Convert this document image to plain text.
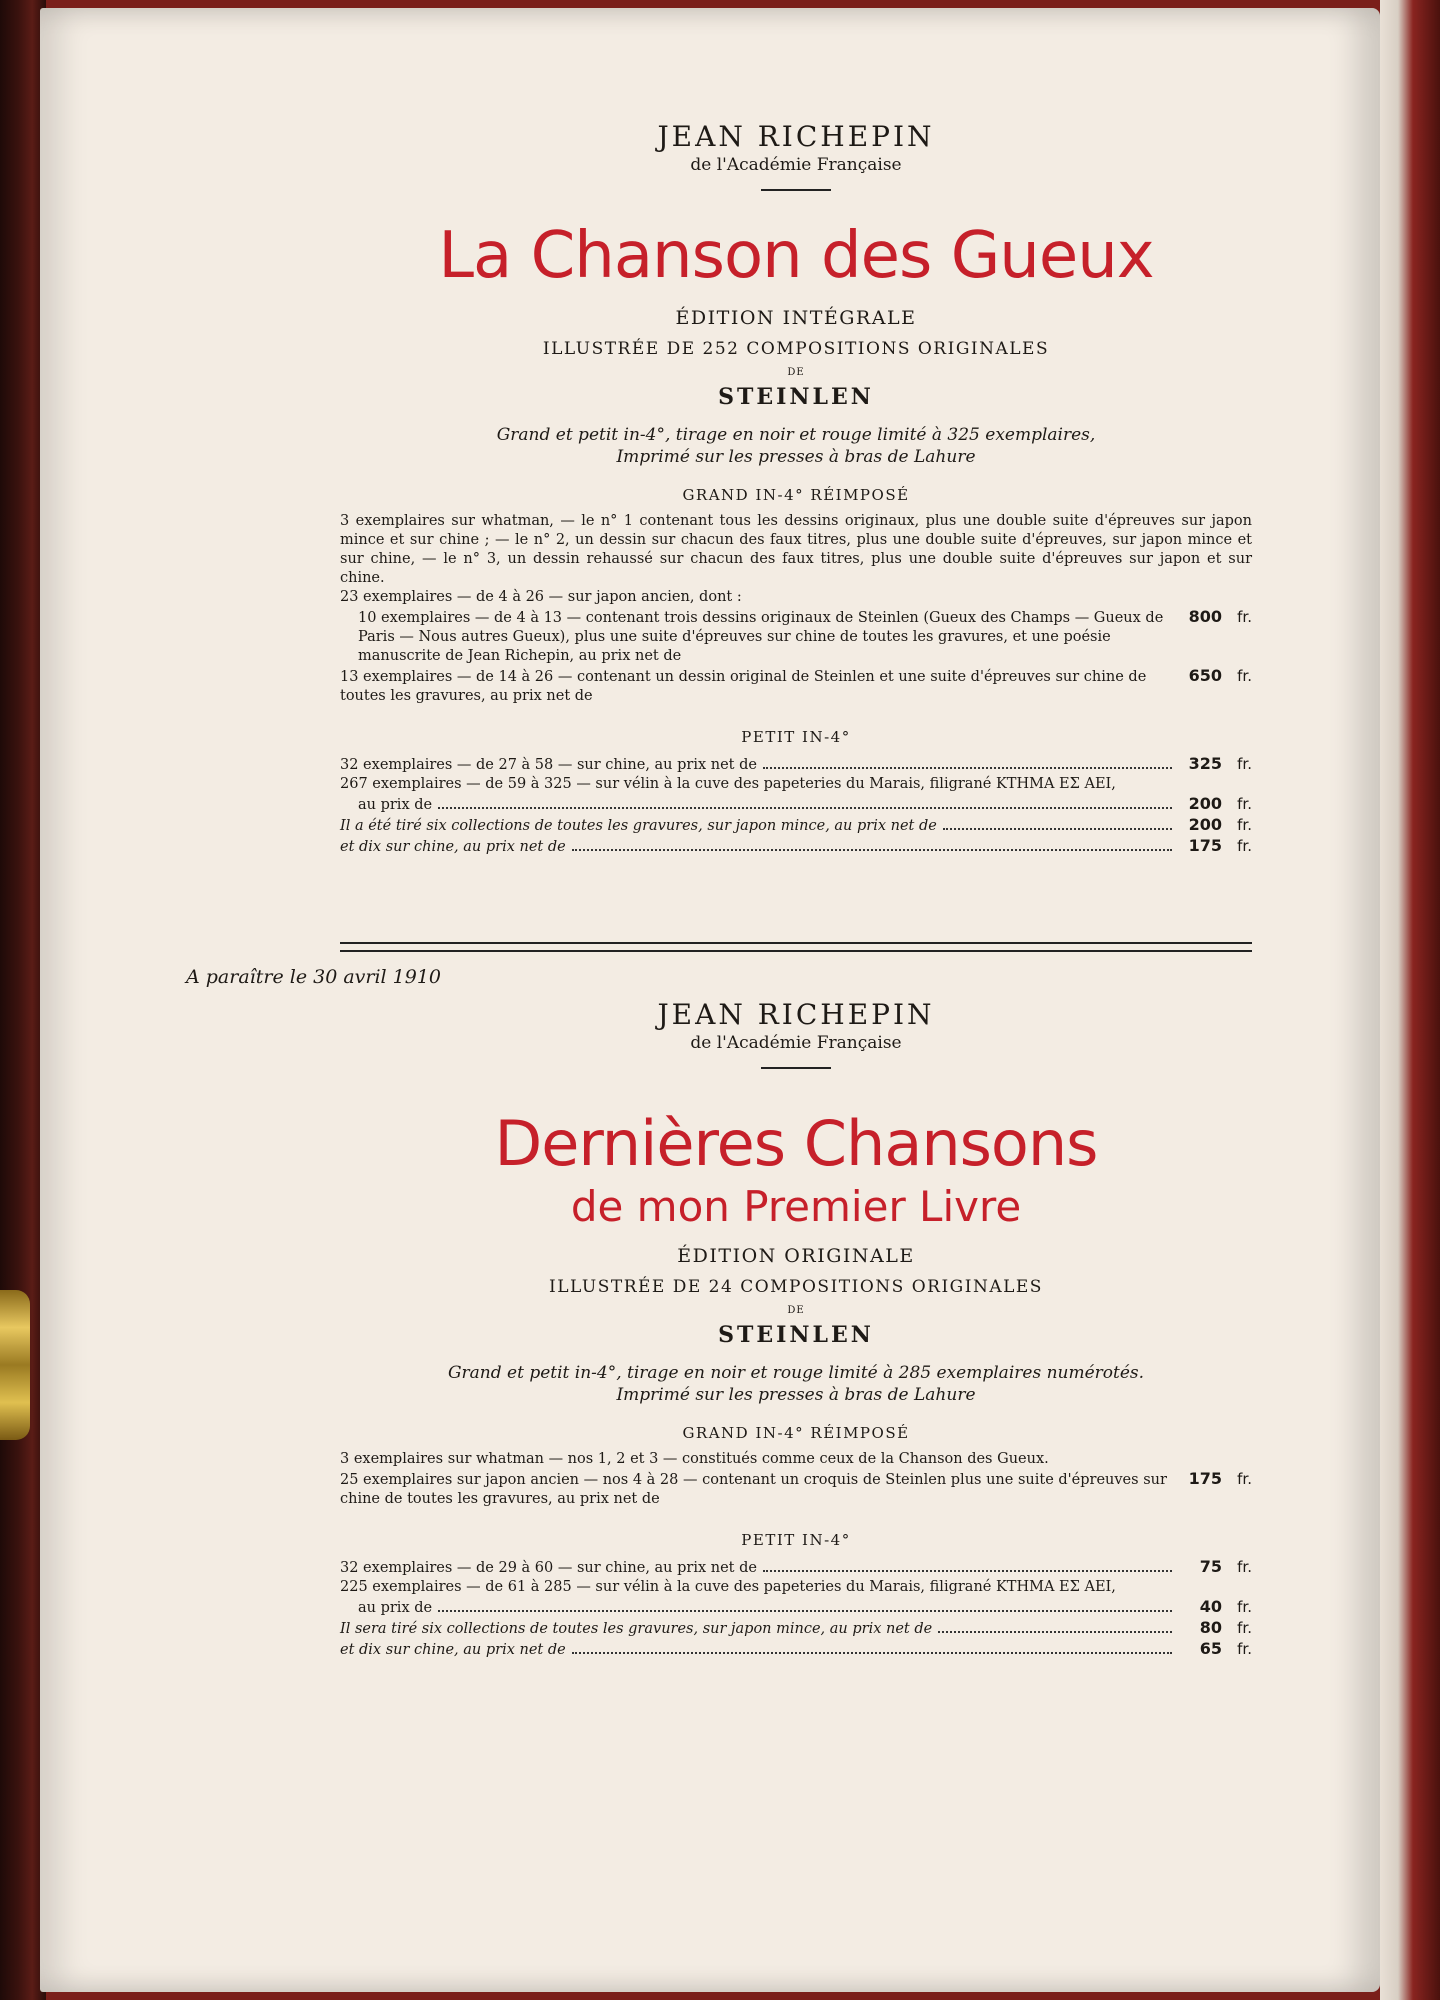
JEAN RICHEPIN

de l'Académie Française

La Chanson des Gueux

ÉDITION INTÉGRALE

ILLUSTRÉE DE 252 COMPOSITIONS ORIGINALES

DE

STEINLEN

Grand et petit in-4°, tirage en noir et rouge limité à 325 exemplaires,
Imprimé sur les presses à bras de Lahure

GRAND IN-4° RÉIMPOSÉ

3 exemplaires sur whatman, — le n° 1 contenant tous les dessins originaux, plus une double suite d'épreuves sur japon mince et sur chine ; — le n° 2, un dessin sur chacun des faux titres, plus une double suite d'épreuves, sur japon mince et sur chine, — le n° 3, un dessin rehaussé sur chacun des faux titres, plus une double suite d'épreuves sur japon et sur chine.

23 exemplaires — de 4 à 26 — sur japon ancien, dont :

10 exemplaires — de 4 à 13 — contenant trois dessins originaux de Steinlen (Gueux des Champs — Gueux de Paris — Nous autres Gueux), plus une suite d'épreuves sur chine de toutes les gravures, et une poésie manuscrite de Jean Richepin, au prix net de
800	fr.
13 exemplaires — de 14 à 26 — contenant un dessin original de Steinlen et une suite d'épreuves sur chine de toutes les gravures, au prix net de
650	fr.

PETIT IN-4°

32 exemplaires — de 27 à 58 — sur chine, au prix net de	325	fr.

267 exemplaires — de 59 à 325 — sur vélin à la cuve des papeteries du Marais, filigrané ΚΤΗΜΑ ΕΣ ΑΕΙ,

au prix de	200	fr.
Il a été tiré six collections de toutes les gravures, sur japon mince, au prix net de	200	fr.
et dix sur chine, au prix net de	175	fr.

A paraître le 30 avril 1910

JEAN RICHEPIN

de l'Académie Française

Dernières Chansons

de mon Premier Livre

ÉDITION ORIGINALE

ILLUSTRÉE DE 24 COMPOSITIONS ORIGINALES

DE

STEINLEN

Grand et petit in-4°, tirage en noir et rouge limité à 285 exemplaires numérotés.
Imprimé sur les presses à bras de Lahure

GRAND IN-4° RÉIMPOSÉ

3 exemplaires sur whatman — nos 1, 2 et 3 — constitués comme ceux de la Chanson des Gueux.

25 exemplaires sur japon ancien — nos 4 à 28 — contenant un croquis de Steinlen plus une suite d'épreuves sur chine de toutes les gravures, au prix net de
175	fr.

PETIT IN-4°

32 exemplaires — de 29 à 60 — sur chine, au prix net de	75	fr.

225 exemplaires — de 61 à 285 — sur vélin à la cuve des papeteries du Marais, filigrané ΚΤΗΜΑ ΕΣ ΑΕΙ,

au prix de	40	fr.
Il sera tiré six collections de toutes les gravures, sur japon mince, au prix net de	80	fr.
et dix sur chine, au prix net de	65	fr.
